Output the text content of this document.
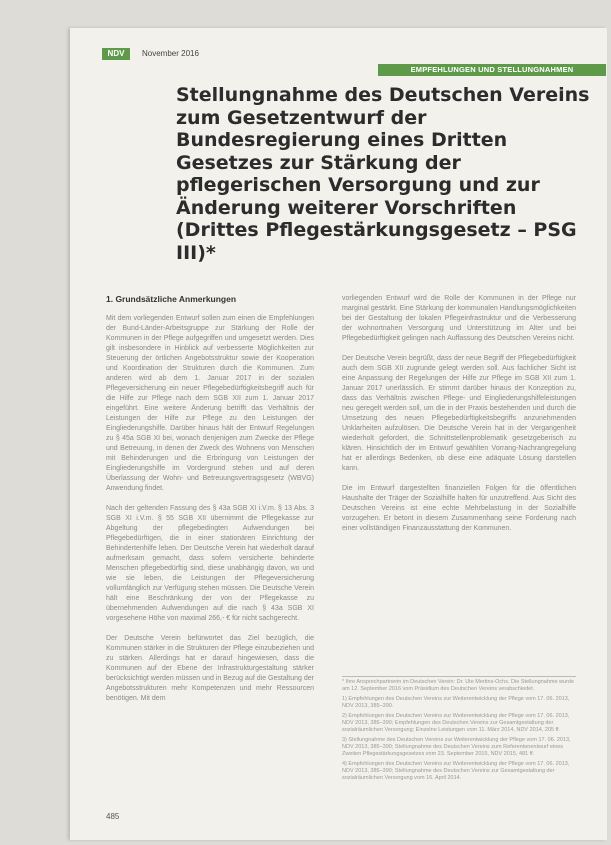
NDV	November 2016
EMPFEHLUNGEN UND STELLUNGNAHMEN
Stellungnahme des Deutschen Vereins zum Gesetzentwurf der Bundesregierung eines Dritten Gesetzes zur Stärkung der pflegerischen Versorgung und zur Änderung weiterer Vorschriften (Drittes Pflegestärkungsgesetz – PSG III)*
1. Grundsätzliche Anmerkungen

Mit dem vorliegenden Entwurf sollen zum einen die Empfehlungen der Bund-Länder-Arbeitsgruppe zur Stärkung der Rolle der Kommunen in der Pflege aufgegriffen und umgesetzt werden. Dies gilt insbesondere in Hinblick auf verbesserte Möglichkeiten zur Steuerung der örtlichen Angebotsstruktur sowie der Kooperation und Koordination der Strukturen durch die Kommunen. Zum anderen wird ab dem 1. Januar 2017 in der sozialen Pflegeversicherung ein neuer Pflegebedürftigkeitsbegriff auch für die Hilfe zur Pflege nach dem SGB XII zum 1. Januar 2017 eingeführt. Eine weitere Änderung betrifft das Verhältnis der Leistungen der Hilfe zur Pflege zu den Leistungen der Eingliederungshilfe. Darüber hinaus hält der Entwurf Regelungen zu § 45a SGB XI bei, wonach denjenigen zum Zwecke der Pflege und Betreuung, in denen der Zweck des Wohnens von Menschen mit Behinderungen und die Erbringung von Leistungen der Eingliederungshilfe im Vordergrund stehen und auf deren Überlassung der Wohn- und Betreuungsvertragsgesetz (WBVG) Anwendung findet.

Nach der geltenden Fassung des § 43a SGB XI i.V.m. § 13 Abs. 3 SGB XI i.V.m. § 55 SGB XII übernimmt die Pflegekasse zur Abgeltung der pflegebedingten Aufwendungen bei Pflegebedürftigen, die in einer stationären Einrichtung der Behindertenhilfe leben. Der Deutsche Verein hat wiederholt darauf aufmerksam gemacht, dass sofern versicherte behinderte Menschen pflegebedürftig sind, diese unabhängig davon, wo und wie sie leben, die Leistungen der Pflegeversicherung vollumfänglich zur Verfügung stehen müssen. Die Deutsche Verein hält eine Beschränkung der von der Pflegekasse zu übernehmenden Aufwendungen auf die nach § 43a SGB XI vorgesehene Höhe von maximal 266,- € für nicht sachgerecht.

Der Deutsche Verein befürwortet das Ziel bezüglich, die Kommunen stärker in die Strukturen der Pflege einzubeziehen und zu stärken. Allerdings hat er darauf hingewiesen, dass die Kommunen auf der Ebene der Infrastrukturgestaltung stärker berücksichtigt werden müssen und in Bezug auf die Gestaltung der Angebotsstrukturen mehr Kompetenzen und mehr Ressourcen benötigen. Mit dem

vorliegenden Entwurf wird die Rolle der Kommunen in der Pflege nur marginal gestärkt. Eine Stärkung der kommunalen Handlungsmöglichkeiten bei der Gestaltung der lokalen Pflegeinfrastruktur und die Verbesserung der wohnortnahen Versorgung und Unterstützung im Alter und bei Pflegebedürftigkeit gelingen nach Auffassung des Deutschen Vereins nicht.

Der Deutsche Verein begrüßt, dass der neue Begriff der Pflegebedürftigkeit auch dem SGB XII zugrunde gelegt werden soll. Aus fachlicher Sicht ist eine Anpassung der Regelungen der Hilfe zur Pflege im SGB XII zum 1. Januar 2017 unerlässlich. Er stimmt darüber hinaus der Konzeption zu, dass das Verhältnis zwischen Pflege- und Eingliederungshilfeleistungen neu geregelt werden soll, um die in der Praxis bestehenden und durch die Umsetzung des neuen Pflegebedürftigkeitsbegriffs anzunehmenden Unklarheiten aufzulösen. Die Deutsche Verein hat in der Vergangenheit wiederholt gefordert, die Schnittstellenproblematik gesetzgeberisch zu klären. Hinsichtlich der im Entwurf gewählten Vorrang-Nachrangregelung hat er allerdings Bedenken, ob diese eine adäquate Lösung darstellen kann.

Die im Entwurf dargestellten finanziellen Folgen für die öffentlichen Haushalte der Träger der Sozialhilfe halten für unzutreffend. Aus Sicht des Deutschen Vereins ist eine echte Mehrbelastung in der Sozialhilfe vorzugehen. Er betont in diesem Zusammenhang seine Forderung nach einer vollständigen Finanzausstattung der Kommunen.

* Ihre Ansprechpartnerin im Deutschen Verein: Dr. Ute Mertins-Ochs. Die Stellungnahme wurde am 12. September 2016 vom Präsidium des Deutschen Vereins verabschiedet.

1) Empfehlungen des Deutschen Vereins zur Weiterentwicklung der Pflege vom 17. 06. 2013, NDV 2013, 385–390.

2) Empfehlungen des Deutschen Vereins zur Weiterentwicklung der Pflege vom 17. 06. 2013, NDV 2013, 385–390; Empfehlungen des Deutschen Vereins zur Gesamtgestaltung der sozialräumlichen Versorgung; Einzelne Leistungen vom 11. März 2014, NDV 2014, 205 ff.

3) Stellungnahme des Deutschen Vereins zur Weiterentwicklung der Pflege vom 17. 06. 2013, NDV 2013, 385–390; Stellungnahme des Deutschen Vereins zum Referentenentwurf eines Zweiten Pflegestärkungsgesetzes vom 23. September 2015, NDV 2015, 481 ff.

4) Empfehlungen des Deutschen Vereins zur Weiterentwicklung der Pflege vom 17. 06. 2013, NDV 2013, 385–390; Stellungnahme des Deutschen Vereins zur Gesamtgestaltung der sozialräumlichen Versorgung vom 16. April 2014.

485
